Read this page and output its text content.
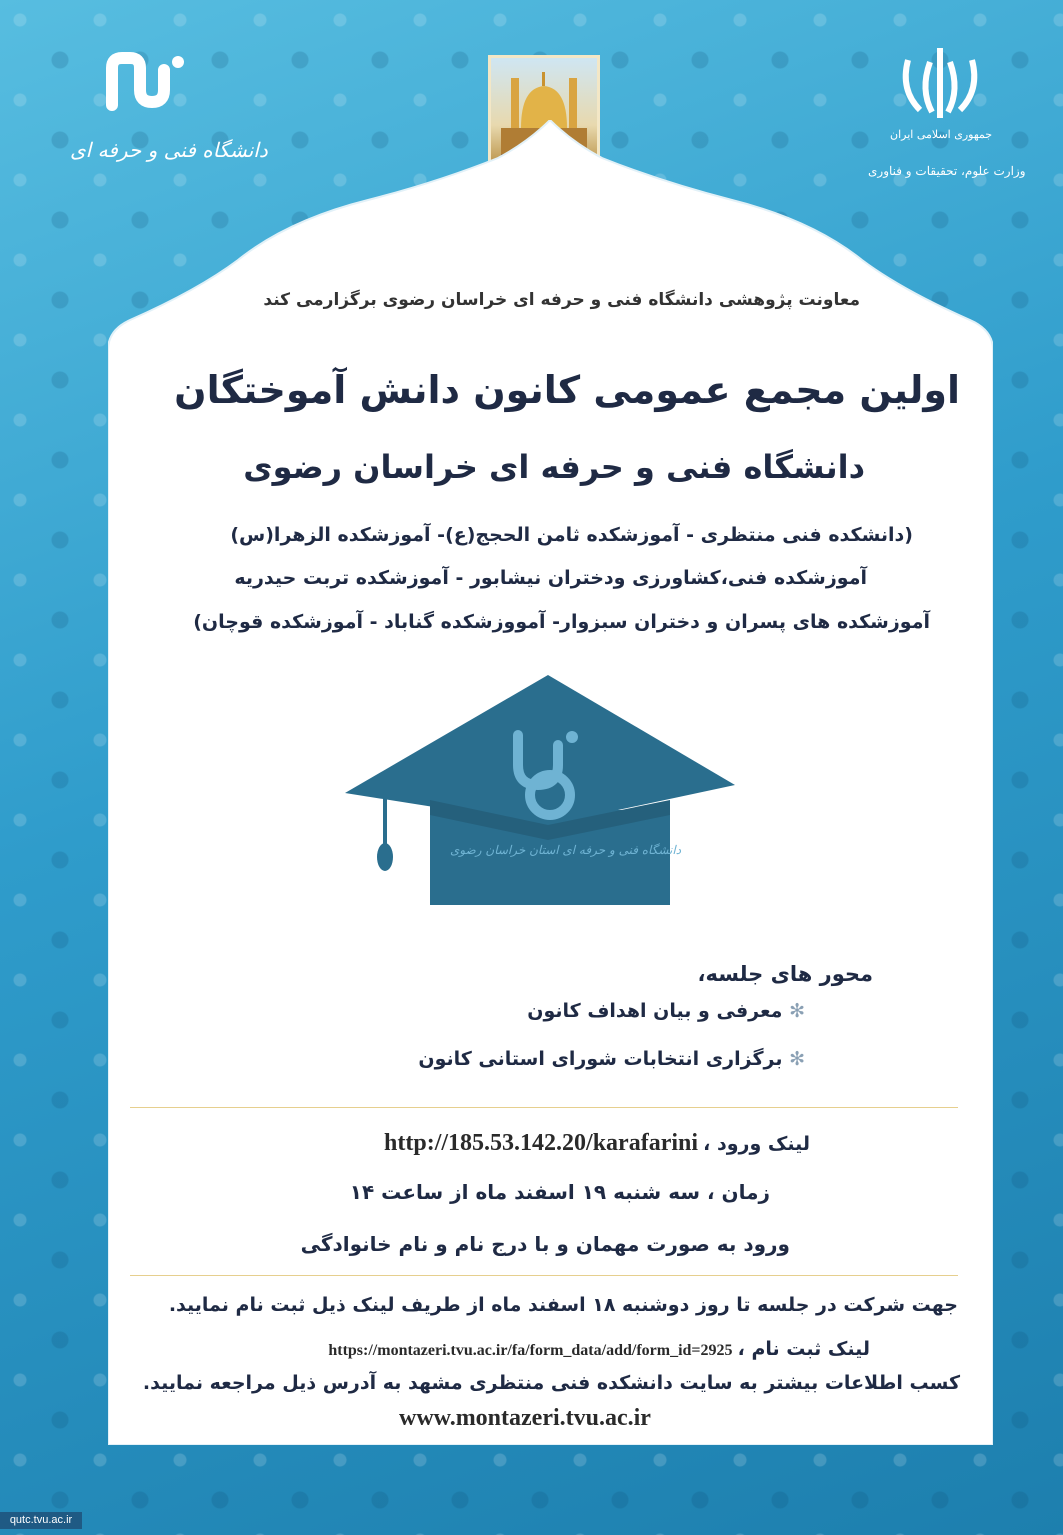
دانشگاه فنی و حرفه ای
جمهوری اسلامی ایران
وزارت علوم، تحقیقات و فناوری
معاونت پژوهشی دانشگاه فنی و حرفه ای خراسان رضوی برگزارمی کند
اولین مجمع عمومی کانون دانش آموختگان
دانشگاه فنی و حرفه ای خراسان رضوی
(دانشکده فنی منتظری - آموزشکده ثامن الحجج(ع)- آموزشکده الزهرا(س)
آموزشکده فنی،کشاورزی ودختران نیشابور - آموزشکده تربت حیدریه
آموزشکده های پسران و دختران سبزوار- آمووزشکده گناباد - آموزشکده قوچان)
دانشگاه فنی و حرفه ای استان خراسان رضوی
محور های جلسه،
✻ معرفی و بیان اهداف کانون
✻ برگزاری انتخابات شورای استانی کانون
لینک ورود ، http://185.53.142.20/karafarini
زمان ، سه شنبه ۱۹ اسفند ماه از ساعت ۱۴
ورود به صورت مهمان و با درج نام و نام خانوادگی
جهت شرکت در جلسه تا روز دوشنبه ۱۸ اسفند ماه از طریف لینک ذیل ثبت نام نمایید.
لینک ثبت نام ، https://montazeri.tvu.ac.ir/fa/form_data/add/form_id=2925
کسب اطلاعات بیشتر به سایت دانشکده فنی منتظری مشهد به آدرس ذیل مراجعه نمایید.
www.montazeri.tvu.ac.ir
qutc.tvu.ac.ir
